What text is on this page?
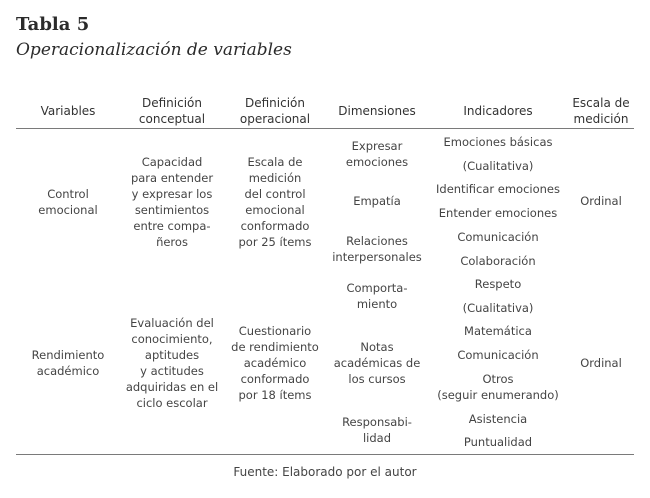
Tabla 5
Operacionalización de variables
Variables
Definición
conceptual
Definición
operacional
Dimensiones	Indicadores
Escala de
medición
Control
emocional
Capacidad
para entender
y expresar los
sentimientos
entre compa-
ñeros
Escala de
medición
del control
emocional
conformado
por 25 ítems
Expresar
emociones
Empatía
Relaciones
interpersonales
Emociones básicas
(Cualitativa)
Identificar emociones
Entender emociones
Comunicación
Colaboración
Ordinal
Rendimiento
académico
Evaluación del
conocimiento,
aptitudes
y actitudes
adquiridas en el
ciclo escolar
Cuestionario
de rendimiento
académico
conformado
por 18 ítems
Comporta-
miento
Notas
académicas de
los cursos
Responsabi-
lidad
Respeto
(Cualitativa)
Matemática
Comunicación
Otros
(seguir enumerando)
Asistencia
Puntualidad
Ordinal
Fuente: Elaborado por el autor
